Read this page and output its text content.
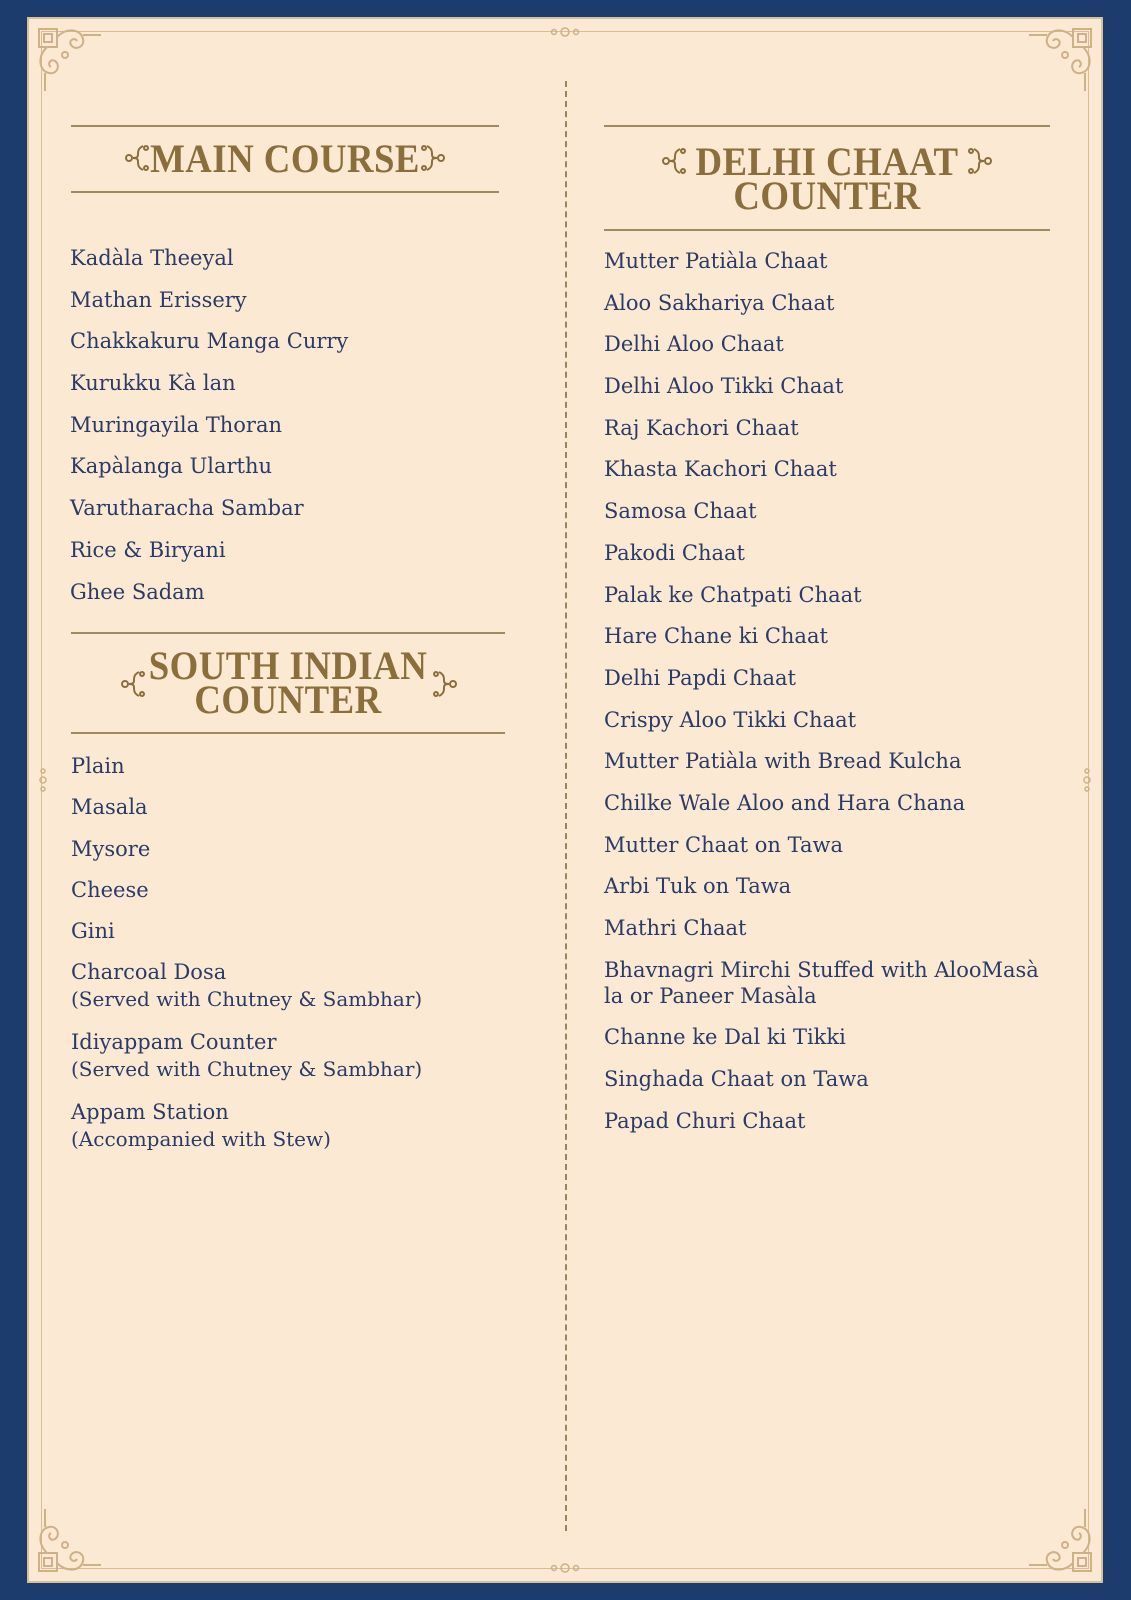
MAIN COURSE
Kadàla Theeyal
Mathan Erissery
Chakkakuru Manga Curry
Kurukku Kà lan
Muringayila Thoran
Kapàlanga Ularthu
Varutharacha Sambar
Rice & Biryani
Ghee Sadam
SOUTH INDIAN
COUNTER
Plain
Masala
Mysore
Cheese
Gini
Charcoal Dosa
(Served with Chutney & Sambhar)
Idiyappam Counter
(Served with Chutney & Sambhar)
Appam Station
(Accompanied with Stew)
DELHI CHAAT
COUNTER
Mutter Patiàla Chaat
Aloo Sakhariya Chaat
Delhi Aloo Chaat
Delhi Aloo Tikki Chaat
Raj Kachori Chaat
Khasta Kachori Chaat
Samosa Chaat
Pakodi Chaat
Palak ke Chatpati Chaat
Hare Chane ki Chaat
Delhi Papdi Chaat
Crispy Aloo Tikki Chaat
Mutter Patiàla with Bread Kulcha
Chilke Wale Aloo and Hara Chana
Mutter Chaat on Tawa
Arbi Tuk on Tawa
Mathri Chaat
Bhavnagri Mirchi Stuffed with AlooMasà
la or Paneer Masàla
Channe ke Dal ki Tikki
Singhada Chaat on Tawa
Papad Churi Chaat
